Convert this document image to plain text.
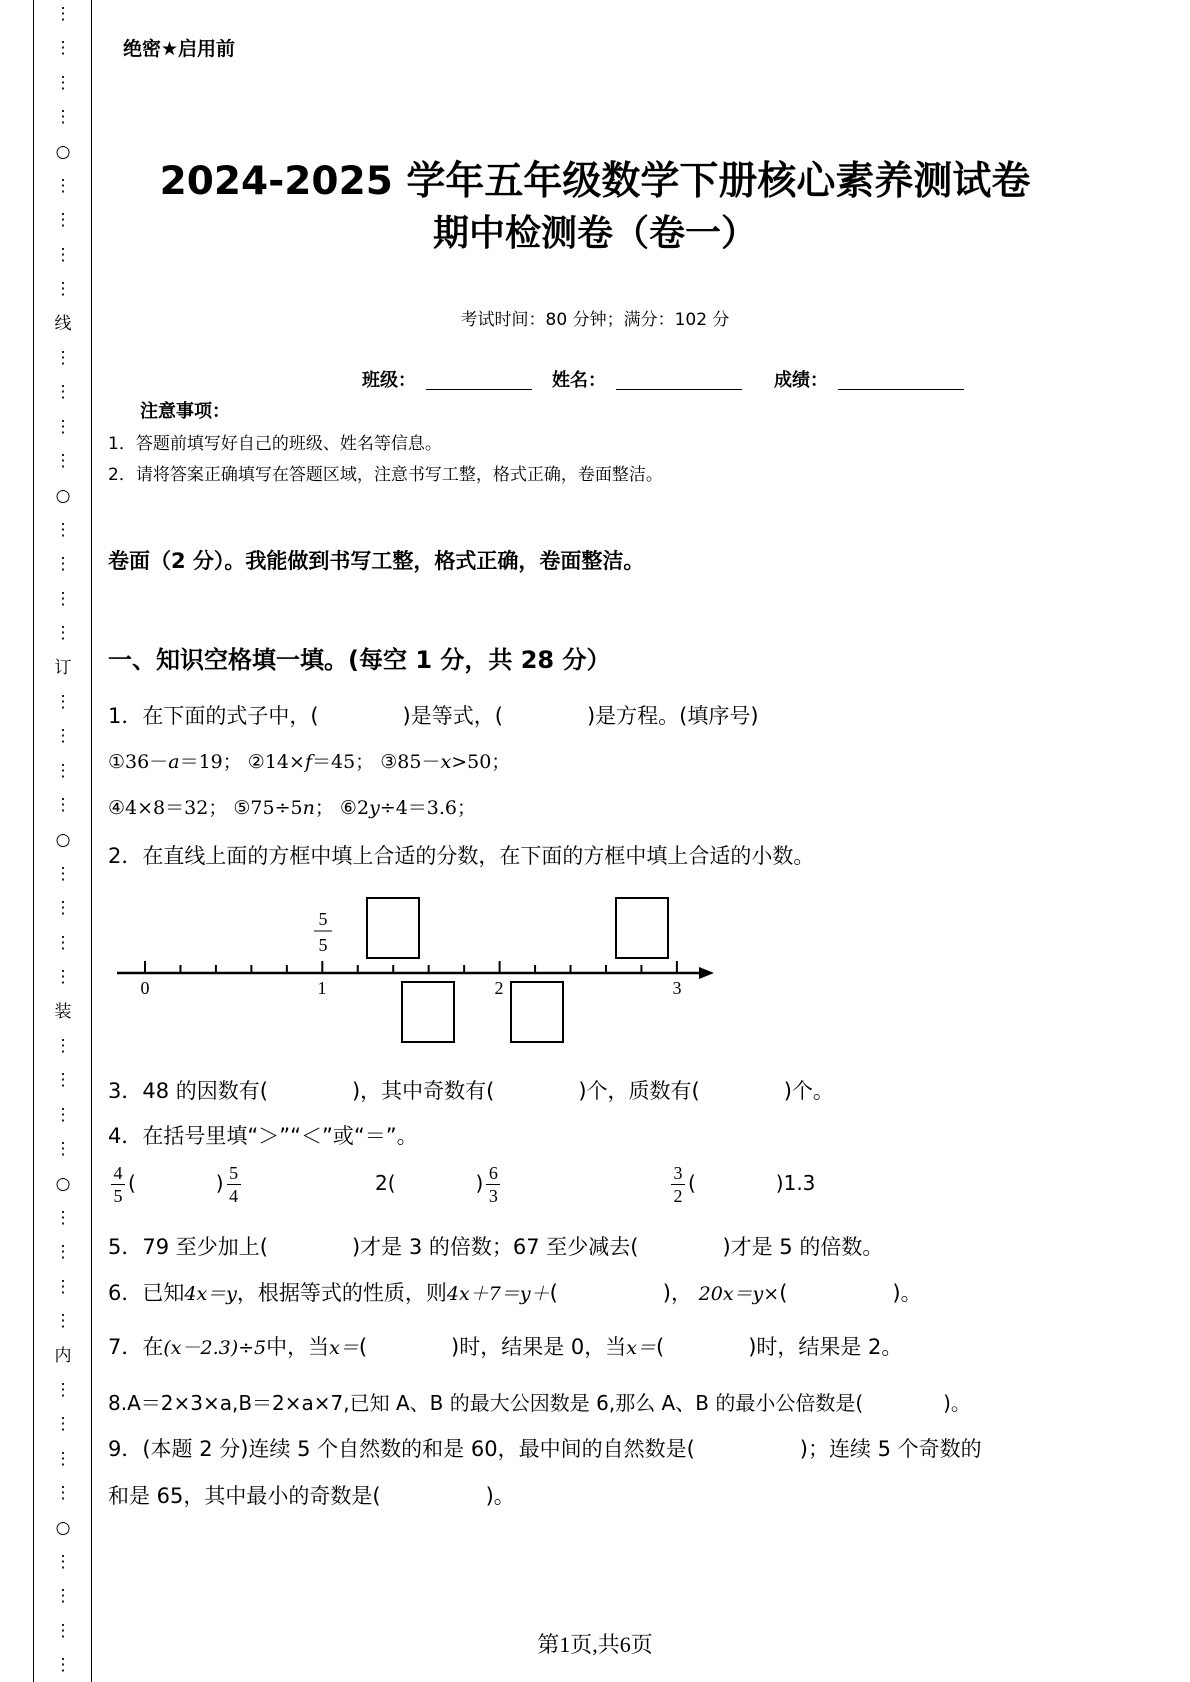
⋮
⋮
⋮
⋮
○
⋮
⋮
⋮
⋮
线
⋮
⋮
⋮
⋮
○
⋮
⋮
⋮
⋮
订
⋮
⋮
⋮
⋮
○
⋮
⋮
⋮
⋮
装
⋮
⋮
⋮
⋮
○
⋮
⋮
⋮
⋮
内
⋮
⋮
⋮
⋮
○
⋮
⋮
⋮
⋮
绝密★启用前
2024-2025 学年五年级数学下册核心素养测试卷
期中检测卷（卷一）
考试时间：80 分钟；满分：102 分
班级：	姓名：	成绩：
注意事项：
1．答题前填写好自己的班级、姓名等信息。
2．请将答案正确填写在答题区域，注意书写工整，格式正确，卷面整洁。
卷面（2 分）。我能做到书写工整，格式正确，卷面整洁。
一、知识空格填一填。(每空 1 分，共 28 分）
1．在下面的式子中，(　　　　)是等式，(　　　　)是方程。(填序号)
①36－a＝19； ②14×f＝45； ③85－x>50；
④4×8＝32； ⑤75÷5n； ⑥2y÷4＝3.6；
2．在直线上面的方框中填上合适的分数，在下面的方框中填上合适的小数。
5
5
0	1	2	3
3．48 的因数有(　　　　)，其中奇数有(　　　　)个，质数有(　　　　)个。
4．在括号里填“＞”“＜”或“＝”。
$\frac{4}{5}$ (　　　　) $\frac{5}{4}$	2(　　　　) $\frac{6}{3}$	$\frac{3}{2}$ (　　　　)1.3
5．79 至少加上(　　　　)才是 3 的倍数；67 至少减去(　　　　)才是 5 的倍数。
6．已知4x＝y，根据等式的性质，则4x＋7＝y＋(　　　　　)， 20x＝y×(　　　　　)。
7．在(x－2.3)÷5中，当x＝(　　　　)时，结果是 0，当x＝(　　　　)时，结果是 2。
8.A＝2×3×a,B＝2×a×7,已知 A、B 的最大公因数是 6,那么 A、B 的最小公倍数是(　　　　)。
9．(本题 2 分)连续 5 个自然数的和是 60，最中间的自然数是(　　　　　)；连续 5 个奇数的
和是 65，其中最小的奇数是(　　　　　)。
第1页,共6页
